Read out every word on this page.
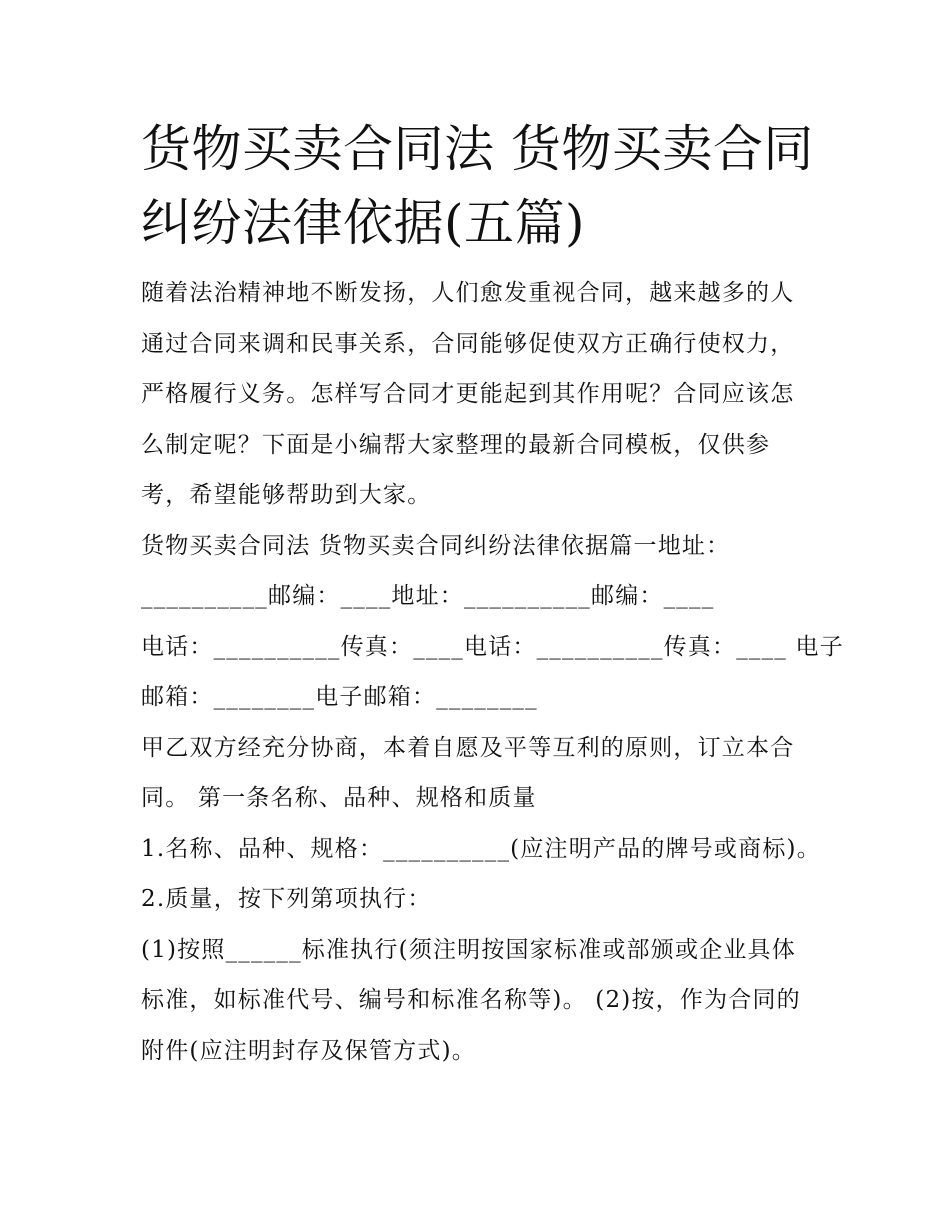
货物买卖合同法 货物买卖合同
纠纷法律依据(五篇)

随着法治精神地不断发扬，人们愈发重视合同，越来越多的人
通过合同来调和民事关系，合同能够促使双方正确行使权力，
严格履行义务。怎样写合同才更能起到其作用呢？合同应该怎
么制定呢？下面是小编帮大家整理的最新合同模板，仅供参
考，希望能够帮助到大家。

货物买卖合同法 货物买卖合同纠纷法律依据篇一地址：

__________邮编：____地址：__________邮编：____

电话：__________传真：____电话：__________传真：____ 电子
邮箱：________电子邮箱：________

甲乙双方经充分协商，本着自愿及平等互利的原则，订立本合
同。 第一条名称、品种、规格和质量

1.名称、品种、规格：__________(应注明产品的牌号或商标)。

2.质量，按下列第项执行：

(1)按照______标准执行(须注明按国家标准或部颁或企业具体
标准，如标准代号、编号和标准名称等)。 (2)按，作为合同的
附件(应注明封存及保管方式)。
